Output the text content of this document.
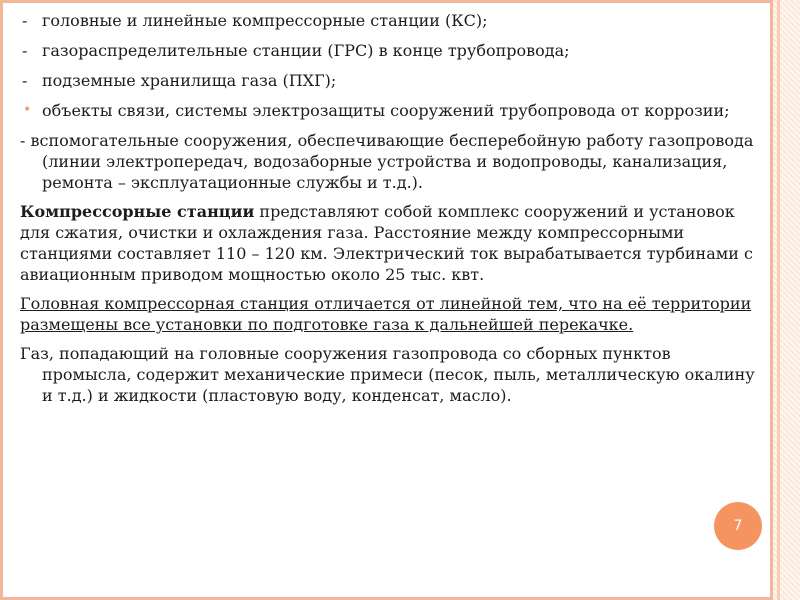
- головные и линейные компрессорные станции (КС);
- газораспределительные станции (ГРС) в конце трубопровода;
- подземные хранилища газа (ПХГ);
• объекты связи, системы электрозащиты сооружений трубопровода от коррозии;
- вспомогательные сооружения, обеспечивающие бесперебойную работу газопровода (линии электропередач, водозаборные устройства и водопроводы, канализация, ремонта – эксплуатационные службы и т.д.).
Компрессорные станции представляют собой комплекс сооружений и установок для сжатия, очистки и охлаждения газа. Расстояние между компрессорными станциями составляет 110 – 120 км. Электрический ток вырабатывается турбинами с авиационным приводом мощностью около 25 тыс. квт.
Головная компрессорная станция отличается от линейной тем, что на её территории размещены все установки по подготовке газа к дальнейшей перекачке.
Газ, попадающий на головные сооружения газопровода со сборных пунктов промысла, содержит механические примеси (песок, пыль, металлическую окалину и т.д.) и жидкости (пластовую воду, конденсат, масло).
7
